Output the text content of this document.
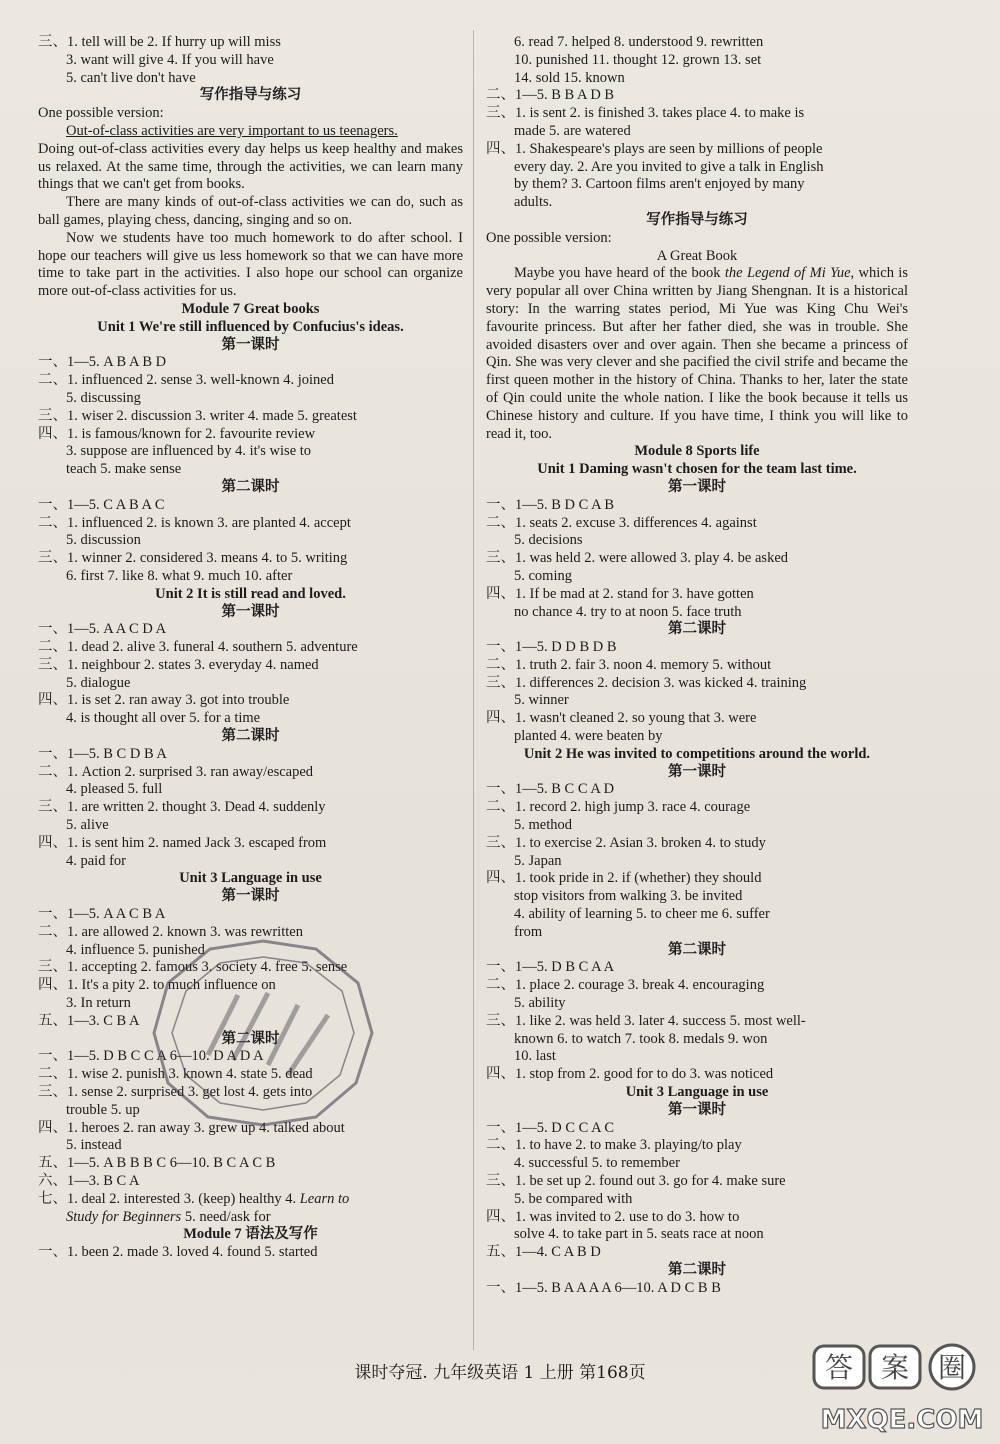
三、1. tell will be 2. If hurry up will miss
3. want will give 4. If you will have
5. can't live don't have
写作指导与练习
One possible version:
Out-of-class activities are very important to us teenagers.
Doing out-of-class activities every day helps us keep healthy and makes us relaxed. At the same time, through the activities, we can learn many things that we can't get from books.
There are many kinds of out-of-class activities we can do, such as ball games, playing chess, dancing, singing and so on.
Now we students have too much homework to do after school. I hope our teachers will give us less homework so that we can have more time to take part in the activities. I also hope our school can organize more out-of-class activities for us.
Module 7 Great books
Unit 1 We're still influenced by Confucius's ideas.
第一课时
一、1—5. A B A B D
二、1. influenced 2. sense 3. well-known 4. joined
5. discussing
三、1. wiser 2. discussion 3. writer 4. made 5. greatest
四、1. is famous/known for 2. favourite review
3. suppose are influenced by 4. it's wise to
teach 5. make sense
第二课时
一、1—5. C A B A C
二、1. influenced 2. is known 3. are planted 4. accept
5. discussion
三、1. winner 2. considered 3. means 4. to 5. writing
6. first 7. like 8. what 9. much 10. after
Unit 2 It is still read and loved.
第一课时
一、1—5. A A C D A
二、1. dead 2. alive 3. funeral 4. southern 5. adventure
三、1. neighbour 2. states 3. everyday 4. named
5. dialogue
四、1. is set 2. ran away 3. got into trouble
4. is thought all over 5. for a time
第二课时
一、1—5. B C D B A
二、1. Action 2. surprised 3. ran away/escaped
4. pleased 5. full
三、1. are written 2. thought 3. Dead 4. suddenly
5. alive
四、1. is sent him 2. named Jack 3. escaped from
4. paid for
Unit 3 Language in use
第一课时
一、1—5. A A C B A
二、1. are allowed 2. known 3. was rewritten
4. influence 5. punished
三、1. accepting 2. famous 3. society 4. free 5. sense
四、1. It's a pity 2. to much influence on
3. In return
五、1—3. C B A
第二课时
一、1—5. D B C C A 6—10. D A D A
二、1. wise 2. punish 3. known 4. state 5. dead
三、1. sense 2. surprised 3. get lost 4. gets into
trouble 5. up
四、1. heroes 2. ran away 3. grew up 4. talked about
5. instead
五、1—5. A B B B C 6—10. B C A C B
六、1—3. B C A
七、1. deal 2. interested 3. (keep) healthy 4. Learn to
Study for Beginners 5. need/ask for
Module 7 语法及写作
一、1. been 2. made 3. loved 4. found 5. started
6. read 7. helped 8. understood 9. rewritten
10. punished 11. thought 12. grown 13. set
14. sold 15. known
二、1—5. B B A D B
三、1. is sent 2. is finished 3. takes place 4. to make is
made 5. are watered
四、1. Shakespeare's plays are seen by millions of people
every day. 2. Are you invited to give a talk in English
by them? 3. Cartoon films aren't enjoyed by many
adults.
写作指导与练习
One possible version:
A Great Book
Maybe you have heard of the book the Legend of Mi Yue, which is very popular all over China written by Jiang Shengnan. It is a historical story: In the warring states period, Mi Yue was King Chu Wei's favourite princess. But after her father died, she was in trouble. She avoided disasters over and over again. Then she became a princess of Qin. She was very clever and she pacified the civil strife and became the first queen mother in the history of China. Thanks to her, later the state of Qin could unite the whole nation. I like the book because it tells us Chinese history and culture. If you have time, I think you will like to read it, too.
Module 8 Sports life
Unit 1 Daming wasn't chosen for the team last time.
第一课时
一、1—5. B D C A B
二、1. seats 2. excuse 3. differences 4. against
5. decisions
三、1. was held 2. were allowed 3. play 4. be asked
5. coming
四、1. If be mad at 2. stand for 3. have gotten
no chance 4. try to at noon 5. face truth
第二课时
一、1—5. D D B D B
二、1. truth 2. fair 3. noon 4. memory 5. without
三、1. differences 2. decision 3. was kicked 4. training
5. winner
四、1. wasn't cleaned 2. so young that 3. were
planted 4. were beaten by
Unit 2 He was invited to competitions around the world.
第一课时
一、1—5. B C C A D
二、1. record 2. high jump 3. race 4. courage
5. method
三、1. to exercise 2. Asian 3. broken 4. to study
5. Japan
四、1. took pride in 2. if (whether) they should
stop visitors from walking 3. be invited
4. ability of learning 5. to cheer me 6. suffer
from
第二课时
一、1—5. D B C A A
二、1. place 2. courage 3. break 4. encouraging
5. ability
三、1. like 2. was held 3. later 4. success 5. most well-
known 6. to watch 7. took 8. medals 9. won
10. last
四、1. stop from 2. good for to do 3. was noticed
Unit 3 Language in use
第一课时
一、1—5. D C C A C
二、1. to have 2. to make 3. playing/to play
4. successful 5. to remember
三、1. be set up 2. found out 3. go for 4. make sure
5. be compared with
四、1. was invited to 2. use to do 3. how to
solve 4. to take part in 5. seats race at noon
五、1—4. C A B D
第二课时
一、1—5. B A A A A 6—10. A D C B B
课时夺冠. 九年级英语 1 上册 第168页	答 案 圈
MXQE.COM
